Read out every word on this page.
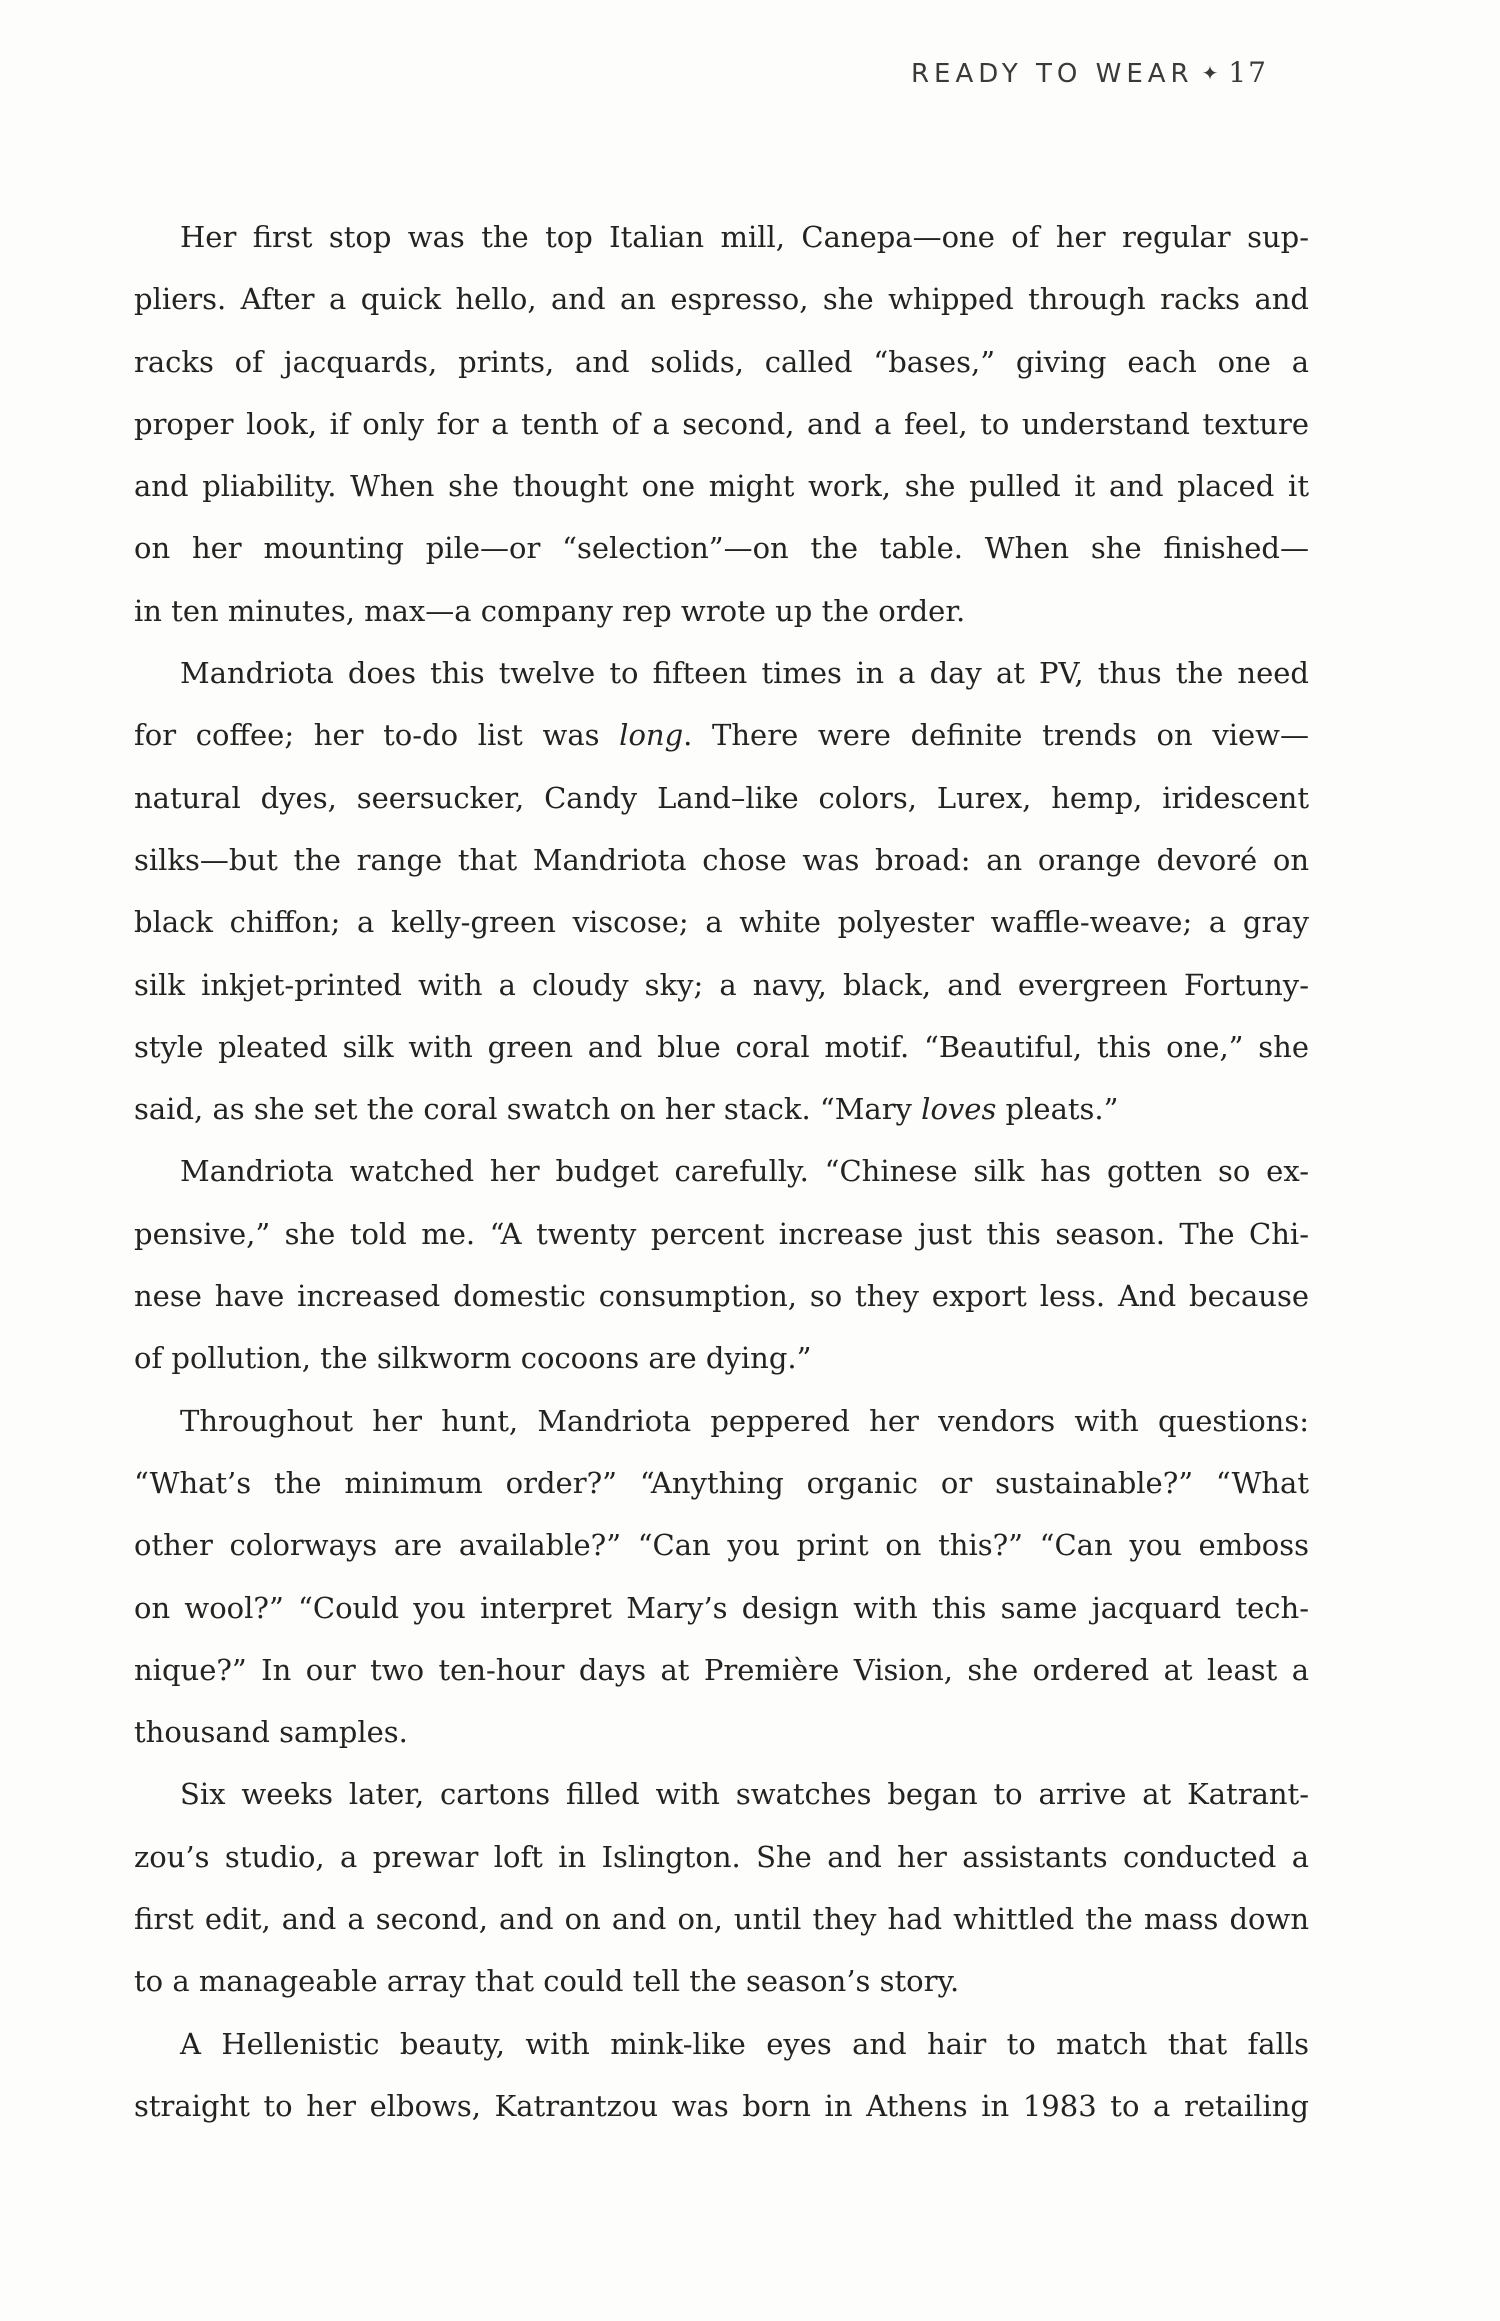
READY TO WEAR ✦ 17
Her first stop was the top Italian mill, Canepa—one of her regular sup-
pliers. After a quick hello, and an espresso, she whipped through racks and
racks of jacquards, prints, and solids, called “bases,” giving each one a
proper look, if only for a tenth of a second, and a feel, to understand texture
and pliability. When she thought one might work, she pulled it and placed it
on her mounting pile—or “selection”—on the table. When she finished—
in ten minutes, max—a company rep wrote up the order.
Mandriota does this twelve to fifteen times in a day at PV, thus the need
for coffee; her to-do list was long. There were definite trends on view—
natural dyes, seersucker, Candy Land–like colors, Lurex, hemp, iridescent
silks—but the range that Mandriota chose was broad: an orange devoré on
black chiffon; a kelly-green viscose; a white polyester waffle-weave; a gray
silk inkjet-printed with a cloudy sky; a navy, black, and evergreen Fortuny-
style pleated silk with green and blue coral motif. “Beautiful, this one,” she
said, as she set the coral swatch on her stack. “Mary loves pleats.”
Mandriota watched her budget carefully. “Chinese silk has gotten so ex-
pensive,” she told me. “A twenty percent increase just this season. The Chi-
nese have increased domestic consumption, so they export less. And because
of pollution, the silkworm cocoons are dying.”
Throughout her hunt, Mandriota peppered her vendors with questions:
“What’s the minimum order?” “Anything organic or sustainable?” “What
other colorways are available?” “Can you print on this?” “Can you emboss
on wool?” “Could you interpret Mary’s design with this same jacquard tech-
nique?” In our two ten-hour days at Première Vision, she ordered at least a
thousand samples.
Six weeks later, cartons filled with swatches began to arrive at Katrant-
zou’s studio, a prewar loft in Islington. She and her assistants conducted a
first edit, and a second, and on and on, until they had whittled the mass down
to a manageable array that could tell the season’s story.
A Hellenistic beauty, with mink-like eyes and hair to match that falls
straight to her elbows, Katrantzou was born in Athens in 1983 to a retailing
